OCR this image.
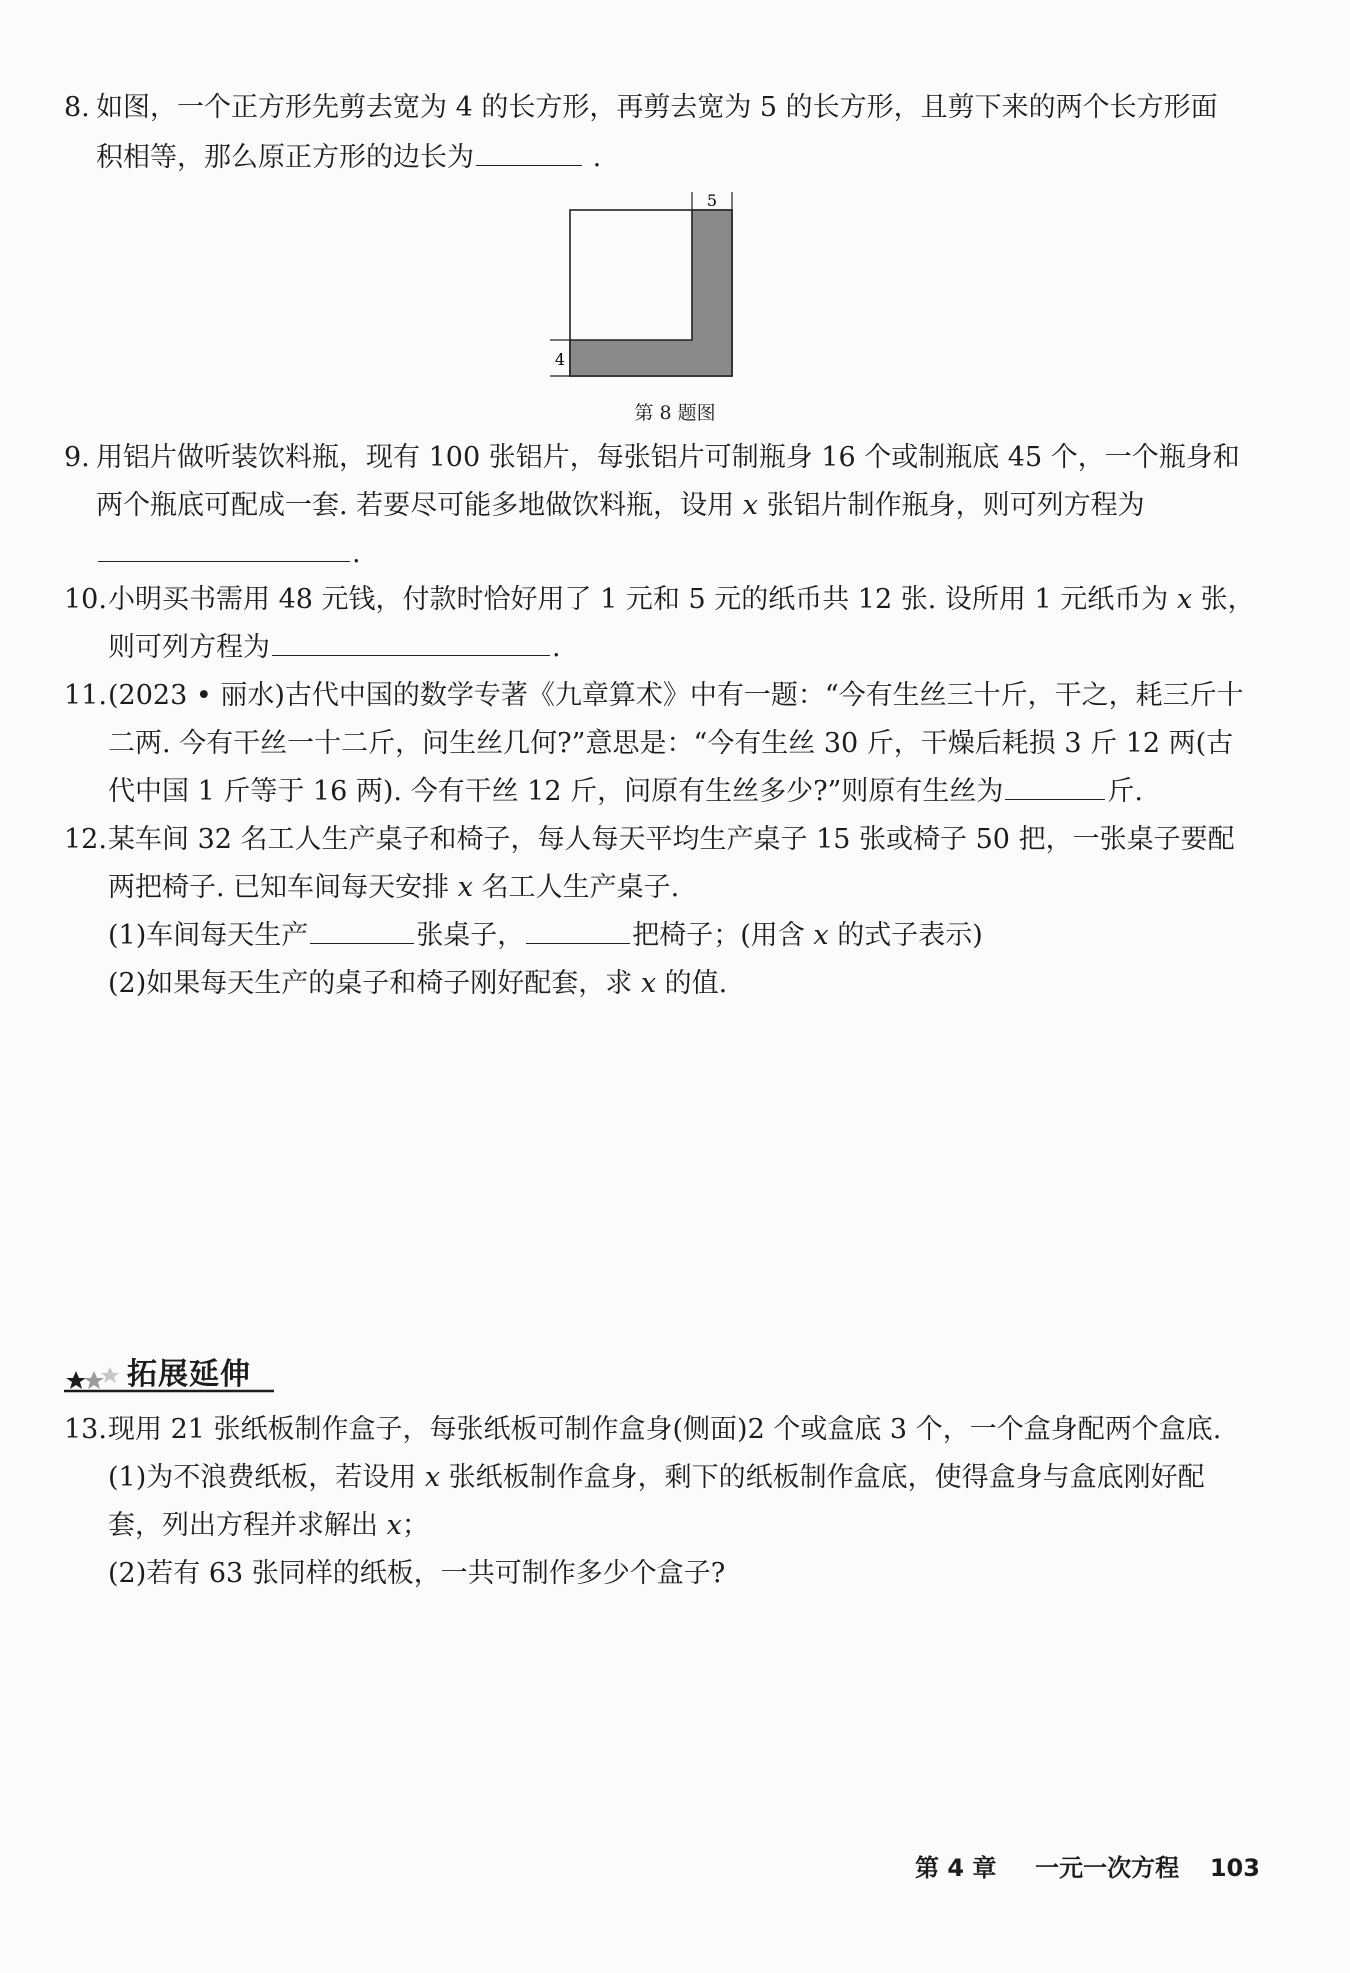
8. 如图，一个正方形先剪去宽为 4 的长方形，再剪去宽为 5 的长方形，且剪下来的两个长方形面
积相等，那么原正方形的边长为	.
5
4
第 8 题图
9. 用铝片做听装饮料瓶，现有 100 张铝片，每张铝片可制瓶身 16 个或制瓶底 45 个，一个瓶身和
两个瓶底可配成一套. 若要尽可能多地做饮料瓶，设用 x 张铝片制作瓶身，则可列方程为
.
10. 小明买书需用 48 元钱，付款时恰好用了 1 元和 5 元的纸币共 12 张. 设所用 1 元纸币为 x 张，
则可列方程为	.
11. (2023 • 丽水)古代中国的数学专著《九章算术》中有一题：“今有生丝三十斤，干之，耗三斤十
二两. 今有干丝一十二斤，问生丝几何?”意思是：“今有生丝 30 斤，干燥后耗损 3 斤 12 两(古
代中国 1 斤等于 16 两). 今有干丝 12 斤，问原有生丝多少?”则原有生丝为	斤.
12. 某车间 32 名工人生产桌子和椅子，每人每天平均生产桌子 15 张或椅子 50 把，一张桌子要配
两把椅子. 已知车间每天安排 x 名工人生产桌子.
(1)车间每天生产	张桌子，	把椅子；(用含 x 的式子表示)
(2)如果每天生产的桌子和椅子刚好配套，求 x 的值.
拓展延伸
13. 现用 21 张纸板制作盒子，每张纸板可制作盒身(侧面)2 个或盒底 3 个，一个盒身配两个盒底.
(1)为不浪费纸板，若设用 x 张纸板制作盒身，剩下的纸板制作盒底，使得盒身与盒底刚好配
套，列出方程并求解出 x；
(2)若有 63 张同样的纸板，一共可制作多少个盒子?
第 4 章 一元一次方程 103
